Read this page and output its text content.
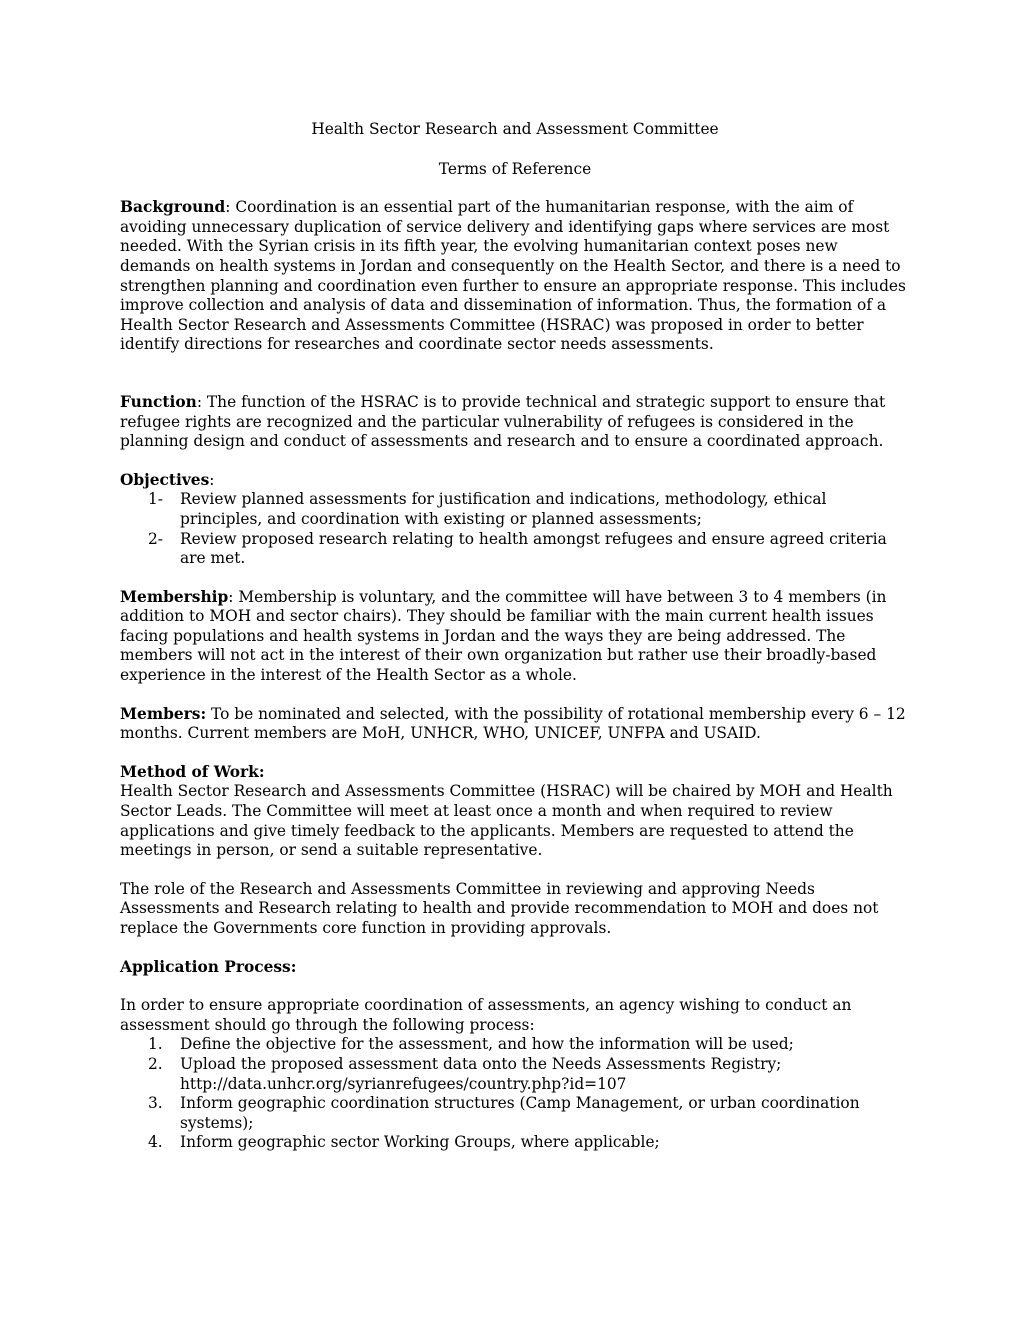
Health Sector Research and Assessment Committee

Terms of Reference

Background: Coordination is an essential part of the humanitarian response, with the aim of avoiding unnecessary duplication of service delivery and identifying gaps where services are most needed. With the Syrian crisis in its fifth year, the evolving humanitarian context poses new demands on health systems in Jordan and consequently on the Health Sector, and there is a need to strengthen planning and coordination even further to ensure an appropriate response. This includes improve collection and analysis of data and dissemination of information. Thus, the formation of a Health Sector Research and Assessments Committee (HSRAC) was proposed in order to better identify directions for researches and coordinate sector needs assessments.

Function: The function of the HSRAC is to provide technical and strategic support to ensure that refugee rights are recognized and the particular vulnerability of refugees is considered in the planning design and conduct of assessments and research and to ensure a coordinated approach.

Objectives:

1- Review planned assessments for justification and indications, methodology, ethical principles, and coordination with existing or planned assessments;
2- Review proposed research relating to health amongst refugees and ensure agreed criteria are met.

Membership: Membership is voluntary, and the committee will have between 3 to 4 members (in addition to MOH and sector chairs). They should be familiar with the main current health issues facing populations and health systems in Jordan and the ways they are being addressed. The members will not act in the interest of their own organization but rather use their broadly-based experience in the interest of the Health Sector as a whole.

Members: To be nominated and selected, with the possibility of rotational membership every 6 – 12 months. Current members are MoH, UNHCR, WHO, UNICEF, UNFPA and USAID.

Method of Work:

Health Sector Research and Assessments Committee (HSRAC) will be chaired by MOH and Health Sector Leads. The Committee will meet at least once a month and when required to review applications and give timely feedback to the applicants. Members are requested to attend the meetings in person, or send a suitable representative.

The role of the Research and Assessments Committee in reviewing and approving Needs Assessments and Research relating to health and provide recommendation to MOH and does not replace the Governments core function in providing approvals.

Application Process:

In order to ensure appropriate coordination of assessments, an agency wishing to conduct an assessment should go through the following process:

1. Define the objective for the assessment, and how the information will be used;
2. Upload the proposed assessment data onto the Needs Assessments Registry;
http://data.unhcr.org/syrianrefugees/country.php?id=107
3. Inform geographic coordination structures (Camp Management, or urban coordination systems);
4. Inform geographic sector Working Groups, where applicable;
